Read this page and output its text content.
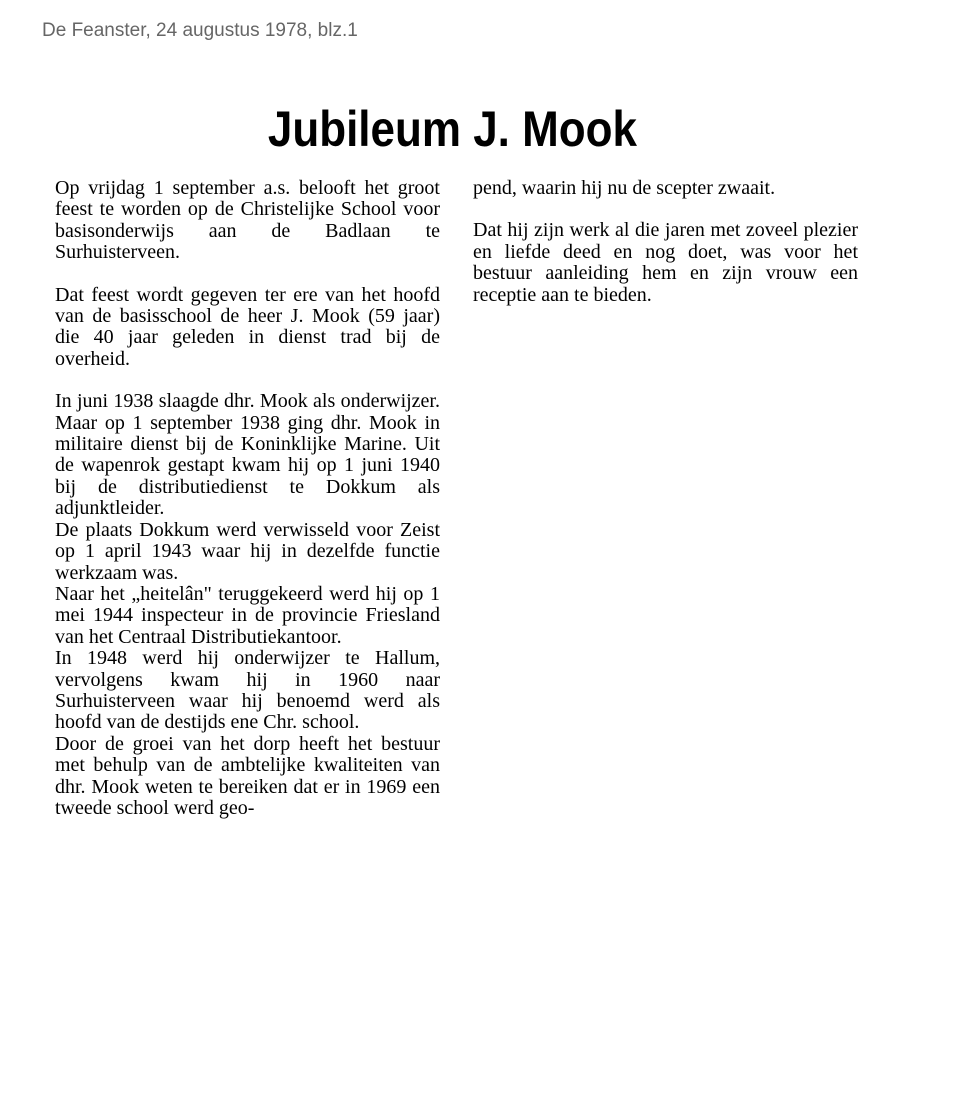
De Feanster, 24 augustus 1978, blz.1
Jubileum J. Mook

Op vrijdag 1 september a.s. belooft het groot feest te worden op de Christelijke School voor basisonderwijs aan de Badlaan te Surhuisterveen.

Dat feest wordt gegeven ter ere van het hoofd van de basisschool de heer J. Mook (59 jaar) die 40 jaar geleden in dienst trad bij de overheid.

In juni 1938 slaagde dhr. Mook als onderwijzer. Maar op 1 september 1938 ging dhr. Mook in militaire dienst bij de Koninklijke Marine. Uit de wapenrok gestapt kwam hij op 1 juni 1940 bij de distributiedienst te Dokkum als adjunktleider.

De plaats Dokkum werd verwisseld voor Zeist op 1 april 1943 waar hij in dezelfde functie werkzaam was.

Naar het „heitelân" teruggekeerd werd hij op 1 mei 1944 inspecteur in de provincie Friesland van het Centraal Distributiekantoor.

In 1948 werd hij onderwijzer te Hallum, vervolgens kwam hij in 1960 naar Surhuisterveen waar hij benoemd werd als hoofd van de destijds ene Chr. school.

Door de groei van het dorp heeft het bestuur met behulp van de ambtelijke kwaliteiten van dhr. Mook weten te bereiken dat er in 1969 een tweede school werd geo-

pend, waarin hij nu de scepter zwaait.

Dat hij zijn werk al die jaren met zoveel plezier en liefde deed en nog doet, was voor het bestuur aanleiding hem en zijn vrouw een receptie aan te bieden.
